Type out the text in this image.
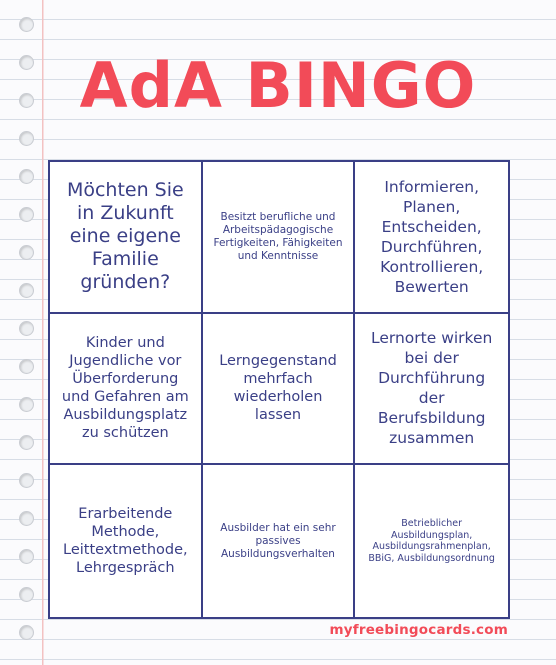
AdA BINGO
Möchten Sie in Zukunft eine eigene Familie gründen?
Besitzt berufliche und Arbeitspädagogische Fertigkeiten, Fähigkeiten und Kenntnisse
Informieren, Planen, Entscheiden, Durchführen, Kontrollieren, Bewerten
Kinder und Jugendliche vor Überforderung und Gefahren am Ausbildungsplatz zu schützen
Lerngegenstand mehrfach wiederholen lassen
Lernorte wirken bei der Durchführung der Berufsbildung zusammen
Erarbeitende Methode, Leittextmethode, Lehrgespräch
Ausbilder hat ein sehr passives Ausbildungsverhalten
Betrieblicher Ausbildungsplan, Ausbildungsrahmenplan, BBiG, Ausbildungsordnung
myfreebingocards.com
